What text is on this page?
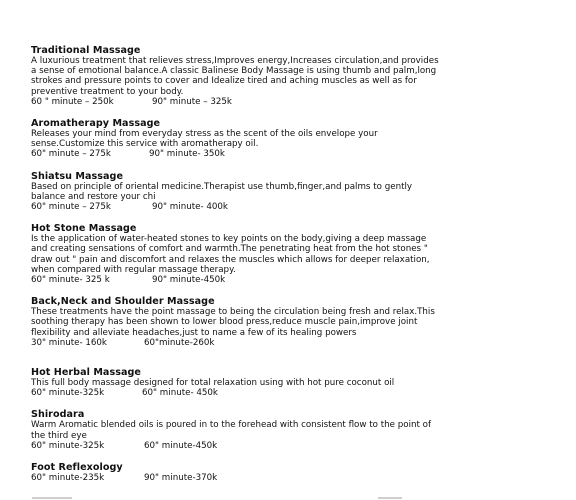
Traditional Massage
A luxurious treatment that relieves stress,Improves energy,Increases circulation,and provides
a sense of emotional balance.A classic Balinese Body Massage is using thumb and palm,long
strokes and pressure points to cover and Idealize tired and aching muscles as well as for
preventive treatment to your body.
60 " minute – 250k	90" minute – 325k
Aromatherapy Massage
Releases your mind from everyday stress as the scent of the oils envelope your
sense.Customize this service with aromatherapy oil.
60" minute – 275k	90" minute- 350k
Shiatsu Massage
Based on principle of oriental medicine.Therapist use thumb,finger,and palms to gently
balance and restore your chi
60" minute – 275k	90" minute- 400k
Hot Stone Massage
Is the application of water-heated stones to key points on the body,giving a deep massage
and creating sensations of comfort and warmth.The penetrating heat from the hot stones "
draw out " pain and discomfort and relaxes the muscles which allows for deeper relaxation,
when compared with regular massage therapy.
60" minute- 325 k	90" minute-450k
Back,Neck and Shoulder Massage
These treatments have the point massage to being the circulation being fresh and relax.This
soothing therapy has been shown to lower blood press,reduce muscle pain,improve joint
flexibility and alleviate headaches,just to name a few of its healing powers
30" minute- 160k	60"minute-260k
Hot Herbal Massage
This full body massage designed for total relaxation using with hot pure coconut oil
60" minute-325k	60" minute- 450k
Shirodara
Warm Aromatic blended oils is poured in to the forehead with consistent flow to the point of
the third eye
60" minute-325k	60" minute-450k
Foot Reflexology
60" minute-235k	90" minute-370k
